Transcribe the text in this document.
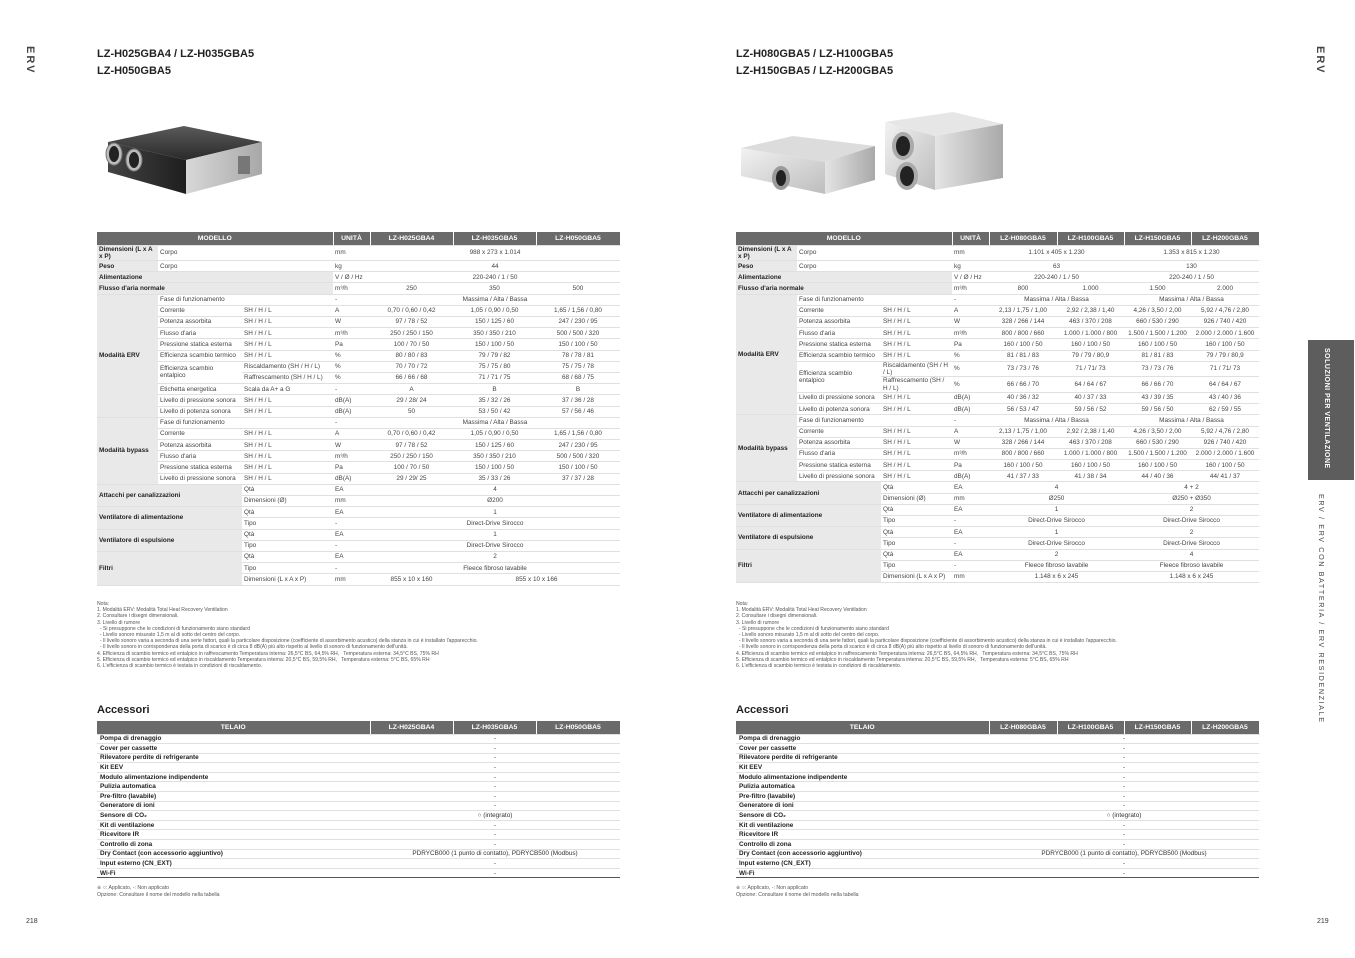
ERV	LZ-H025GBA4 / LZ-H035GBA5
LZ-H050GBA5
MODELLO			UNITÀ	LZ-H025GBA4	LZ-H035GBA5	LZ-H050GBA5
Dimensioni (L x A x P)	Corpo		mm	988 x 273 x 1.014		
Peso	Corpo		kg	44		
Alimentazione			V / Ø / Hz	220-240 / 1 / 50		
Flusso d'aria normale			m³/h	250	350	500
Modalità ERV	Fase di funzionamento		-	Massima / Alta / Bassa		
	Corrente	SH / H / L	A	0,70 / 0,60 / 0,42	1,05 / 0,90 / 0,50	1,65 / 1,56 / 0,80
	Potenza assorbita	SH / H / L	W	97 / 78 / 52	150 / 125 / 60	247 / 230 / 95
	Flusso d'aria	SH / H / L	m³/h	250 / 250 / 150	350 / 350 / 210	500 / 500 / 320
	Pressione statica esterna	SH / H / L	Pa	100 / 70 / 50	150 / 100 / 50	150 / 100 / 50
	Efficienza scambio termico	SH / H / L	%	80 / 80 / 83	79 / 79 / 82	78 / 78 / 81
	Efficienza scambio entalpico	Riscaldamento (SH / H / L)	%	70 / 70 / 72	75 / 75 / 80	75 / 75 / 78
		Raffrescamento (SH / H / L)	%	66 / 66 / 68	71 / 71 / 75	68 / 68 / 75
	Etichetta energetica	Scala da A+ a G	-	A	B	B
	Livello di pressione sonora	SH / H / L	dB(A)	29 / 28/ 24	35 / 32 / 26	37 / 36 / 28
	Livello di potenza sonora	SH / H / L	dB(A)	50	53 / 50 / 42	57 / 56 / 46
Modalità bypass	Fase di funzionamento		-	Massima / Alta / Bassa		
	Corrente	SH / H / L	A	0,70 / 0,60 / 0,42	1,05 / 0,90 / 0,50	1,65 / 1,56 / 0,80
	Potenza assorbita	SH / H / L	W	97 / 78 / 52	150 / 125 / 60	247 / 230 / 95
	Flusso d'aria	SH / H / L	m³/h	250 / 250 / 150	350 / 350 / 210	500 / 500 / 320
	Pressione statica esterna	SH / H / L	Pa	100 / 70 / 50	150 / 100 / 50	150 / 100 / 50
	Livello di pressione sonora	SH / H / L	dB(A)	29 / 29/ 25	35 / 33 / 26	37 / 37 / 28
Attacchi per canalizzazioni		Qtà	EA	4		
		Dimensioni (Ø)	mm	Ø200		
Ventilatore di alimentazione		Qtà	EA	1		
		Tipo	-	Direct-Drive Sirocco		
Ventilatore di espulsione		Qtà	EA	1		
		Tipo	-	Direct-Drive Sirocco		
Filtri		Qtà	EA	2		
		Tipo	-	Fleece fibroso lavabile		
		Dimensioni (L x A x P)	mm	855 x 10 x 160	855 x 10 x 166	
Nota:
1. Modalità ERV: Modalità Total Heat Recovery Ventilation
2. Consultare i disegni dimensionali.
3. Livello di rumore
- Si presuppone che le condizioni di funzionamento siano standard
- Livello sonoro misurato 1,5 m al di sotto del centro del corpo.
- Il livello sonoro varia a seconda di una serie fattori, quali la particolare disposizione (coefficiente di assorbimento acustico) della stanza in cui è installato l'apparecchio.
- Il livello sonoro in corrispondenza della porta di scarico è di circa 8 dB(A) più alto rispetto al livello di sonoro di funzionamento dell'unità.
4. Efficienza di scambio termico ed entalpico in raffrescamento Temperatura interna: 26,5°C BS, 64,5% RH,   Temperatura esterna: 34,5°C BS, 75% RH
5. Efficienza di scambio termico ed entalpico in riscaldamento Temperatura interna: 20,5°C BS, 59,5% RH,   Temperatura esterna: 5°C BS, 65% RH
6. L'efficienza di scambio termico è testata in condizioni di riscaldamento.
Accessori
TELAIO	LZ-H025GBA4	LZ-H035GBA5	LZ-H050GBA5
Pompa di drenaggio	-		
Cover per cassette	-		
Rilevatore perdite di refrigerante	-		
Kit EEV	-		
Modulo alimentazione indipendente	-		
Pulizia automatica	-		
Pre-filtro (lavabile)	-		
Generatore di ioni	-		
Sensore di CO₂	○ (integrato)		
Kit di ventilazione	-		
Ricevitore IR	-		
Controllo di zona	-		
Dry Contact (con accessorio aggiuntivo)	PDRYCB000 (1 punto di contatto), PDRYCB500 (Modbus)		
Input esterno (CN_EXT)	-		
Wi-Fi	-		
※ ○: Applicato, -: Non applicato
Opzione: Consultare il nome del modello nella tabella
218
ERV
LZ-H080GBA5 / LZ-H100GBA5
LZ-H150GBA5 / LZ-H200GBA5
MODELLO			UNITÀ	LZ-H080GBA5	LZ-H100GBA5	LZ-H150GBA5	LZ-H200GBA5
Dimensioni (L x A x P)	Corpo		mm	1.101 x 405 x 1.230		1.353 x 815 x 1.230	
Peso	Corpo		kg	63		130	
Alimentazione			V / Ø / Hz	220-240 / 1 / 50		220-240 / 1 / 50	
Flusso d'aria normale			m³/h	800	1.000	1.500	2.000
Modalità ERV	Fase di funzionamento		-	Massima / Alta / Bassa		Massima / Alta / Bassa	
	Corrente	SH / H / L	A	2,13 / 1,75 / 1,00	2,92 / 2,38 / 1,40	4,26 / 3,50 / 2,00	5,92 / 4,76 / 2,80
	Potenza assorbita	SH / H / L	W	328 / 266 / 144	463 / 370 / 208	660 / 530 / 290	926 / 740 / 420
	Flusso d'aria	SH / H / L	m³/h	800 / 800 / 660	1.000 / 1.000 / 800	1.500 / 1.500 / 1.200	2.000 / 2.000 / 1.600
	Pressione statica esterna	SH / H / L	Pa	160 / 100 / 50	160 / 100 / 50	160 / 100 / 50	160 / 100 / 50
	Efficienza scambio termico	SH / H / L	%	81 / 81 / 83	79 / 79 / 80,9	81 / 81 / 83	79 / 79 / 80,9
	Efficienza scambio entalpico	Riscaldamento (SH / H / L)	%	73 / 73 / 76	71 / 71/ 73	73 / 73 / 76	71 / 71/ 73
		Raffrescamento (SH / H / L)	%	66 / 66 / 70	64 / 64 / 67	66 / 66 / 70	64 / 64 / 67
	Livello di pressione sonora	SH / H / L	dB(A)	40 / 36 / 32	40 / 37 / 33	43 / 39 / 35	43 / 40 / 36
	Livello di potenza sonora	SH / H / L	dB(A)	56 / 53 / 47	59 / 56 / 52	59 / 56 / 50	62 / 59 / 55
Modalità bypass	Fase di funzionamento		-	Massima / Alta / Bassa		Massima / Alta / Bassa	
	Corrente	SH / H / L	A	2,13 / 1,75 / 1,00	2,92 / 2,38 / 1,40	4,26 / 3,50 / 2,00	5,92 / 4,76 / 2,80
	Potenza assorbita	SH / H / L	W	328 / 266 / 144	463 / 370 / 208	660 / 530 / 290	926 / 740 / 420
	Flusso d'aria	SH / H / L	m³/h	800 / 800 / 660	1.000 / 1.000 / 800	1.500 / 1.500 / 1.200	2.000 / 2.000 / 1.600
	Pressione statica esterna	SH / H / L	Pa	160 / 100 / 50	160 / 100 / 50	160 / 100 / 50	160 / 100 / 50
	Livello di pressione sonora	SH / H / L	dB(A)	41 / 37 / 33	41 / 38 / 34	44 / 40 / 36	44/ 41 / 37
Attacchi per canalizzazioni		Qtà	EA	4		4 + 2	
		Dimensioni (Ø)	mm	Ø250		Ø250 + Ø350	
Ventilatore di alimentazione		Qtà	EA	1		2	
		Tipo	-	Direct-Drive Sirocco		Direct-Drive Sirocco	
Ventilatore di espulsione		Qtà	EA	1		2	
		Tipo	-	Direct-Drive Sirocco		Direct-Drive Sirocco	
Filtri		Qtà	EA	2		4	
		Tipo	-	Fleece fibroso lavabile		Fleece fibroso lavabile	
		Dimensioni (L x A x P)	mm	1.148 x 6 x 245		1.148 x 6 x 245	
Nota:
1. Modalità ERV: Modalità Total Heat Recovery Ventilation
2. Consultare i disegni dimensionali.
3. Livello di rumore
- Si presuppone che le condizioni di funzionamento siano standard
- Livello sonoro misurato 1,5 m al di sotto del centro del corpo.
- Il livello sonoro varia a seconda di una serie fattori, quali la particolare disposizione (coefficiente di assorbimento acustico) della stanza in cui è installato l'apparecchio.
- Il livello sonoro in corrispondenza della porta di scarico è di circa 8 dB(A) più alto rispetto al livello di sonoro di funzionamento dell'unità.
4. Efficienza di scambio termico ed entalpico in raffrescamento Temperatura interna: 26,5°C BS, 64,5% RH,   Temperatura esterna: 34,5°C BS, 75% RH
5. Efficienza di scambio termico ed entalpico in riscaldamento Temperatura interna: 20,5°C BS, 59,5% RH,   Temperatura esterna: 5°C BS, 65% RH
6. L'efficienza di scambio termico è testata in condizioni di riscaldamento.
Accessori
TELAIO	LZ-H080GBA5	LZ-H100GBA5	LZ-H150GBA5	LZ-H200GBA5
Pompa di drenaggio	-			
Cover per cassette	-			
Rilevatore perdite di refrigerante	-			
Kit EEV	-			
Modulo alimentazione indipendente	-			
Pulizia automatica	-			
Pre-filtro (lavabile)	-			
Generatore di ioni	-			
Sensore di CO₂	○ (integrato)			
Kit di ventilazione	-			
Ricevitore IR	-			
Controllo di zona	-			
Dry Contact (con accessorio aggiuntivo)	PDRYCB000 (1 punto di contatto), PDRYCB500 (Modbus)			
Input esterno (CN_EXT)	-			
Wi-Fi	-			
※ ○: Applicato, -: Non applicato
Opzione: Consultare il nome del modello nella tabella
SOLUZIONI PER VENTILAZIONE
ERV / ERV CON BATTERIA / ERV RESIDENZIALE
219
